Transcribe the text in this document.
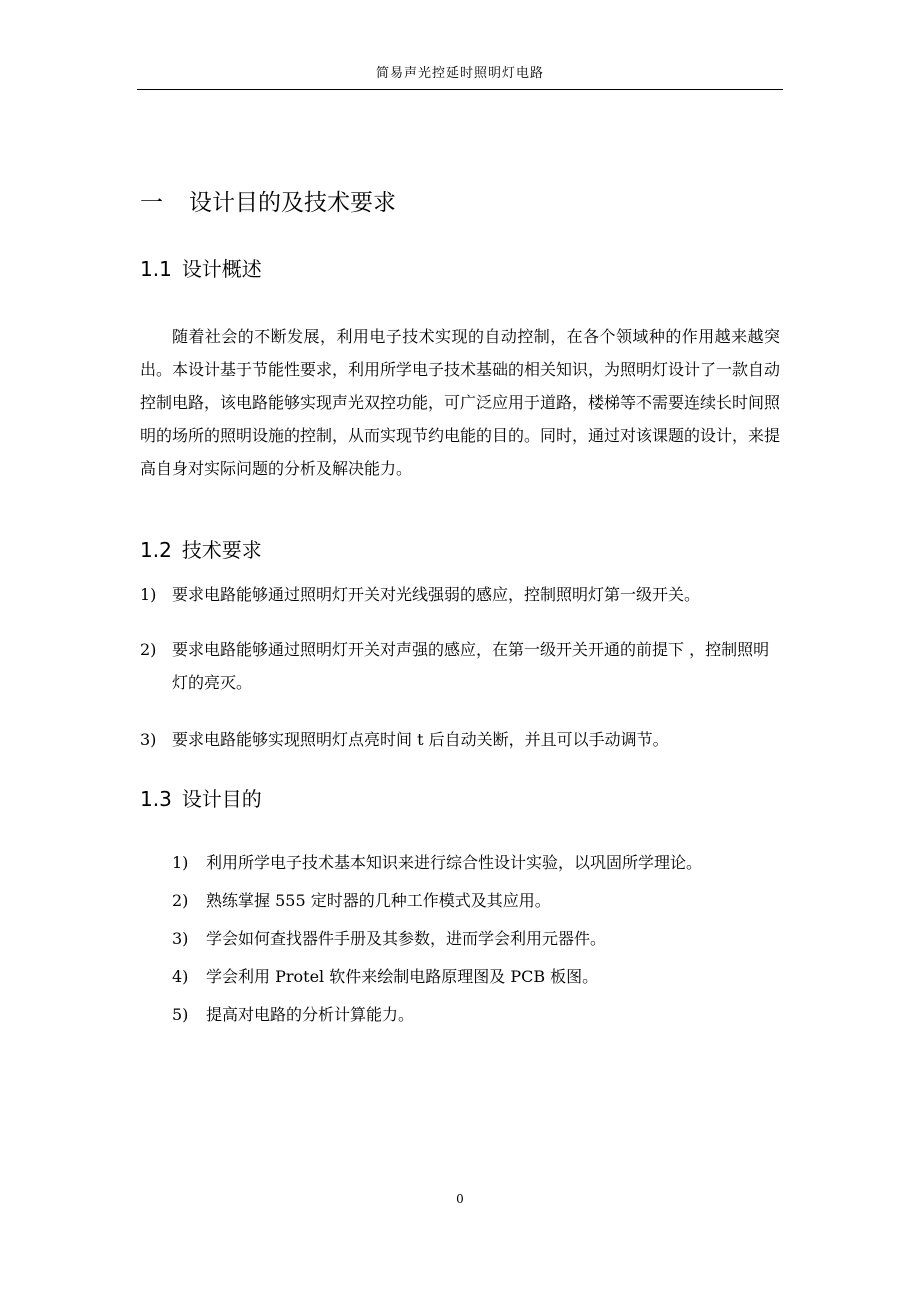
简易声光控延时照明灯电路
一 设计目的及技术要求
1.1 设计概述

随着社会的不断发展，利用电子技术实现的自动控制，在各个领域种的作用越来越突出。本设计基于节能性要求，利用所学电子技术基础的相关知识，为照明灯设计了一款自动控制电路，该电路能够实现声光双控功能，可广泛应用于道路，楼梯等不需要连续长时间照明的场所的照明设施的控制，从而实现节约电能的目的。同时，通过对该课题的设计，来提高自身对实际问题的分析及解决能力。

1.2 技术要求
1) 要求电路能够通过照明灯开关对光线强弱的感应，控制照明灯第一级开关。
2) 要求电路能够通过照明灯开关对声强的感应，在第一级开关开通的前提下 ，控制照明灯的亮灭。
3) 要求电路能够实现照明灯点亮时间 t 后自动关断，并且可以手动调节。
1.3 设计目的
1) 利用所学电子技术基本知识来进行综合性设计实验，以巩固所学理论。
2) 熟练掌握 555 定时器的几种工作模式及其应用。
3) 学会如何查找器件手册及其参数，进而学会利用元器件。
4) 学会利用 Protel 软件来绘制电路原理图及 PCB 板图。
5) 提高对电路的分析计算能力。
0
